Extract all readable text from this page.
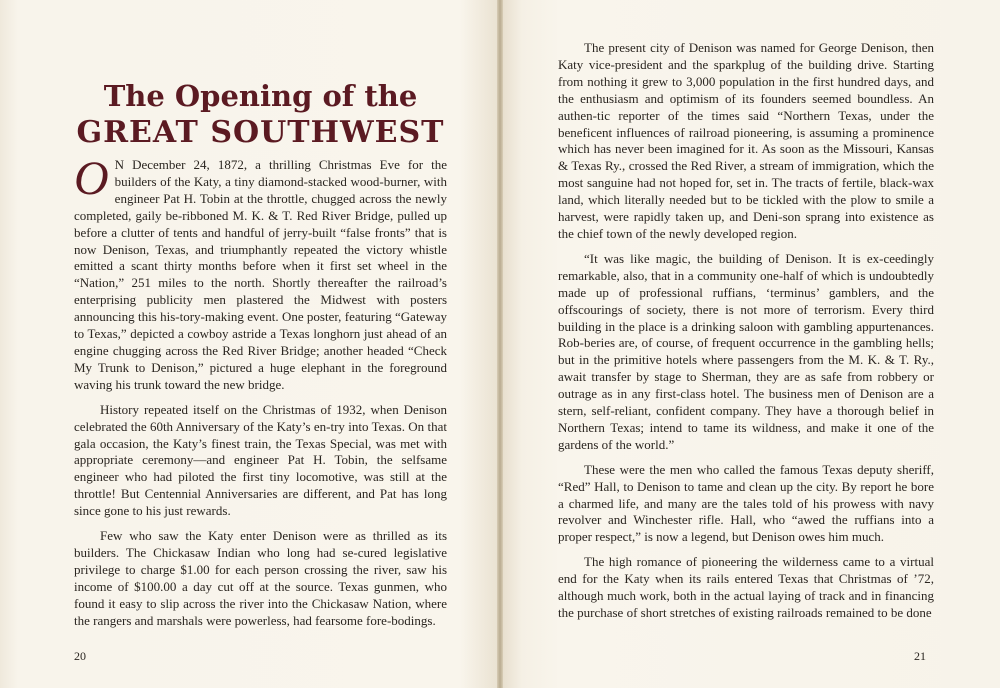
The Opening of the
GREAT SOUTHWEST

O N December 24, 1872, a thrilling Christmas Eve for the builders of the Katy, a tiny diamond-stacked wood-burner, with engineer Pat H. Tobin at the throttle, chugged across the newly completed, gaily be-ribboned M. K. & T. Red River Bridge, pulled up before a clutter of tents and handful of jerry-built “false fronts” that is now Denison, Texas, and triumphantly repeated the victory whistle emitted a scant thirty months before when it first set wheel in the “Nation,” 251 miles to the north. Shortly thereafter the railroad’s enterprising publicity men plastered the Midwest with posters announcing this his-tory-making event. One poster, featuring “Gateway to Texas,” depicted a cowboy astride a Texas longhorn just ahead of an engine chugging across the Red River Bridge; another headed “Check My Trunk to Denison,” pictured a huge elephant in the foreground waving his trunk toward the new bridge.

History repeated itself on the Christmas of 1932, when Denison celebrated the 60th Anniversary of the Katy’s en-try into Texas. On that gala occasion, the Katy’s finest train, the Texas Special, was met with appropriate ceremony—and engineer Pat H. Tobin, the selfsame engineer who had piloted the first tiny locomotive, was still at the throttle! But Centennial Anniversaries are different, and Pat has long since gone to his just rewards.

Few who saw the Katy enter Denison were as thrilled as its builders. The Chickasaw Indian who long had se-cured legislative privilege to charge $1.00 for each person crossing the river, saw his income of $100.00 a day cut off at the source. Texas gunmen, who found it easy to slip across the river into the Chickasaw Nation, where the rangers and marshals were powerless, had fearsome fore-bodings.

20	21

The present city of Denison was named for George Denison, then Katy vice-president and the sparkplug of the building drive. Starting from nothing it grew to 3,000 population in the first hundred days, and the enthusiasm and optimism of its founders seemed boundless. An authen-tic reporter of the times said “Northern Texas, under the beneficent influences of railroad pioneering, is assuming a prominence which has never been imagined for it. As soon as the Missouri, Kansas & Texas Ry., crossed the Red River, a stream of immigration, which the most sanguine had not hoped for, set in. The tracts of fertile, black-wax land, which literally needed but to be tickled with the plow to smile a harvest, were rapidly taken up, and Deni-son sprang into existence as the chief town of the newly developed region.

“It was like magic, the building of Denison. It is ex-ceedingly remarkable, also, that in a community one-half of which is undoubtedly made up of professional ruffians, ‘terminus’ gamblers, and the offscourings of society, there is not more of terrorism. Every third building in the place is a drinking saloon with gambling appurtenances. Rob-beries are, of course, of frequent occurrence in the gambling hells; but in the primitive hotels where passengers from the M. K. & T. Ry., await transfer by stage to Sherman, they are as safe from robbery or outrage as in any first-class hotel. The business men of Denison are a stern, self-reliant, confident company. They have a thorough belief in Northern Texas; intend to tame its wildness, and make it one of the gardens of the world.”

These were the men who called the famous Texas deputy sheriff, “Red” Hall, to Denison to tame and clean up the city. By report he bore a charmed life, and many are the tales told of his prowess with navy revolver and Winchester rifle. Hall, who “awed the ruffians into a proper respect,” is now a legend, but Denison owes him much.

The high romance of pioneering the wilderness came to a virtual end for the Katy when its rails entered Texas that Christmas of ’72, although much work, both in the actual laying of track and in financing the purchase of short stretches of existing railroads remained to be done
